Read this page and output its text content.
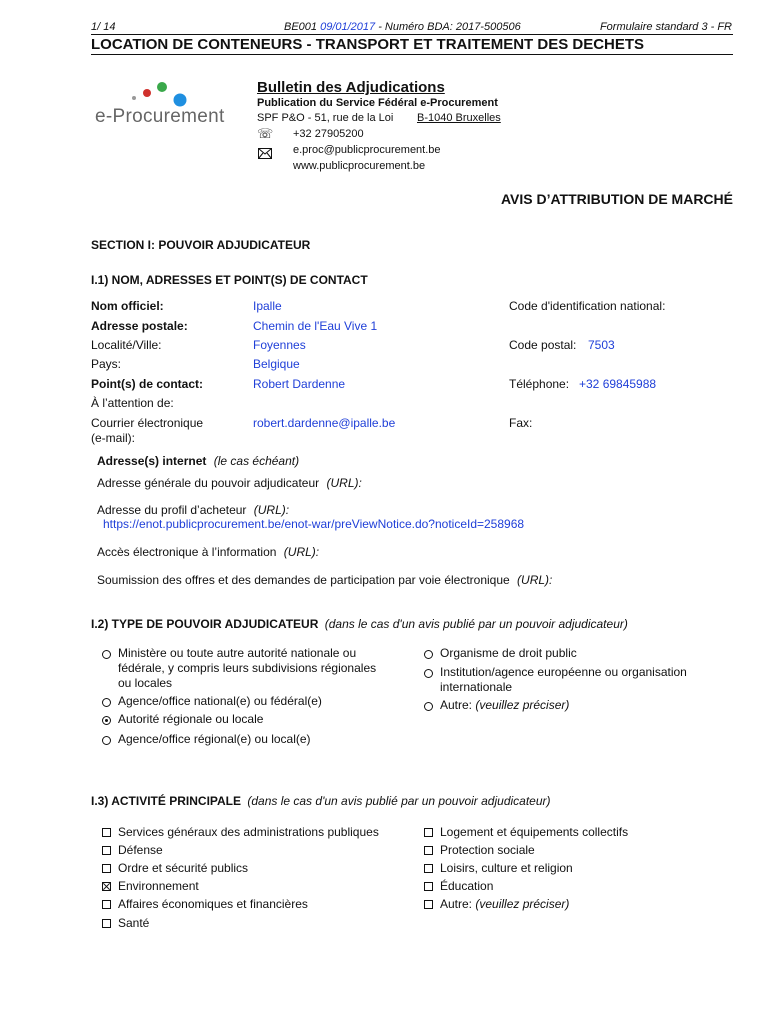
1/ 14	BE001 09/01/2017 - Numéro BDA: 2017-500506	Formulaire standard 3 - FR
LOCATION DE CONTENEURS - TRANSPORT ET TRAITEMENT DES DECHETS
e-Procurement
Bulletin des Adjudications
Publication du Service Fédéral e-Procurement
SPF P&O - 51, rue de la Loi B-1040 Bruxelles
☏ +32 27905200
e.proc@publicprocurement.be
www.publicprocurement.be
AVIS D’ATTRIBUTION DE MARCHÉ
SECTION I: POUVOIR ADJUDICATEUR
I.1) NOM, ADRESSES ET POINT(S) DE CONTACT
Nom officiel:	Ipalle	Code d'identification national:
Adresse postale:	Chemin de l'Eau Vive 1
Localité/Ville:	Foyennes	Code postal: 7503
Pays:	Belgique
Point(s) de contact:	Robert Dardenne	Téléphone: +32 69845988
À l’attention de:
Courrier électronique
(e-mail):
robert.dardenne@ipalle.be	Fax:
Adresse(s) internet (le cas échéant)
Adresse générale du pouvoir adjudicateur (URL):
Adresse du profil d’acheteur (URL):
https://enot.publicprocurement.be/enot-war/preViewNotice.do?noticeId=258968
Accès électronique à l’information (URL):
Soumission des offres et des demandes de participation par voie électronique (URL):
I.2) TYPE DE POUVOIR ADJUDICATEUR (dans le cas d'un avis publié par un pouvoir adjudicateur)
Ministère ou toute autre autorité nationale ou
fédérale, y compris leurs subdivisions régionales
ou locales
Agence/office national(e) ou fédéral(e)
Autorité régionale ou locale
Agence/office régional(e) ou local(e)
Organisme de droit public
Institution/agence européenne ou organisation
internationale
Autre: (veuillez préciser)
I.3) ACTIVITÉ PRINCIPALE (dans le cas d'un avis publié par un pouvoir adjudicateur)
Services généraux des administrations publiques
Défense
Ordre et sécurité publics
Environnement
Affaires économiques et financières
Santé
Logement et équipements collectifs
Protection sociale
Loisirs, culture et religion
Éducation
Autre: (veuillez préciser)
